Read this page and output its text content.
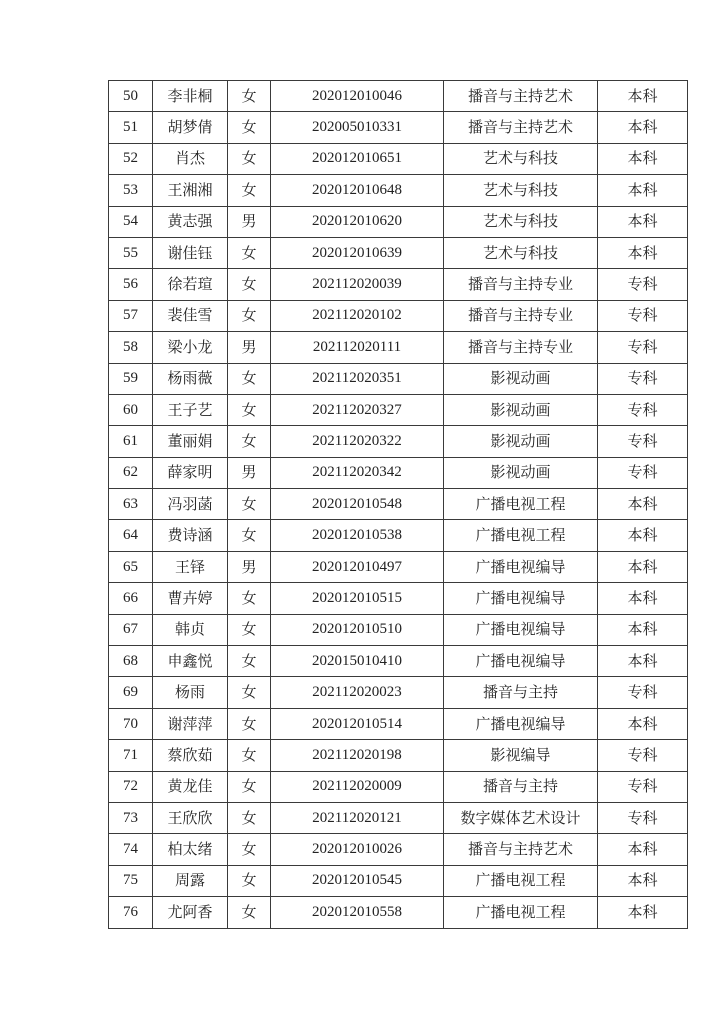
50	李非桐	女	202012010046	播音与主持艺术	本科
51	胡梦倩	女	202005010331	播音与主持艺术	本科
52	肖杰	女	202012010651	艺术与科技	本科
53	王湘湘	女	202012010648	艺术与科技	本科
54	黄志强	男	202012010620	艺术与科技	本科
55	谢佳钰	女	202012010639	艺术与科技	本科
56	徐若瑄	女	202112020039	播音与主持专业	专科
57	裴佳雪	女	202112020102	播音与主持专业	专科
58	梁小龙	男	202112020111	播音与主持专业	专科
59	杨雨薇	女	202112020351	影视动画	专科
60	王子艺	女	202112020327	影视动画	专科
61	董丽娟	女	202112020322	影视动画	专科
62	薛家明	男	202112020342	影视动画	专科
63	冯羽菡	女	202012010548	广播电视工程	本科
64	费诗涵	女	202012010538	广播电视工程	本科
65	王铎	男	202012010497	广播电视编导	本科
66	曹卉婷	女	202012010515	广播电视编导	本科
67	韩贞	女	202012010510	广播电视编导	本科
68	申鑫悦	女	202015010410	广播电视编导	本科
69	杨雨	女	202112020023	播音与主持	专科
70	谢萍萍	女	202012010514	广播电视编导	本科
71	蔡欣茹	女	202112020198	影视编导	专科
72	黄龙佳	女	202112020009	播音与主持	专科
73	王欣欣	女	202112020121	数字媒体艺术设计	专科
74	柏太绪	女	202012010026	播音与主持艺术	本科
75	周露	女	202012010545	广播电视工程	本科
76	尤阿香	女	202012010558	广播电视工程	本科
